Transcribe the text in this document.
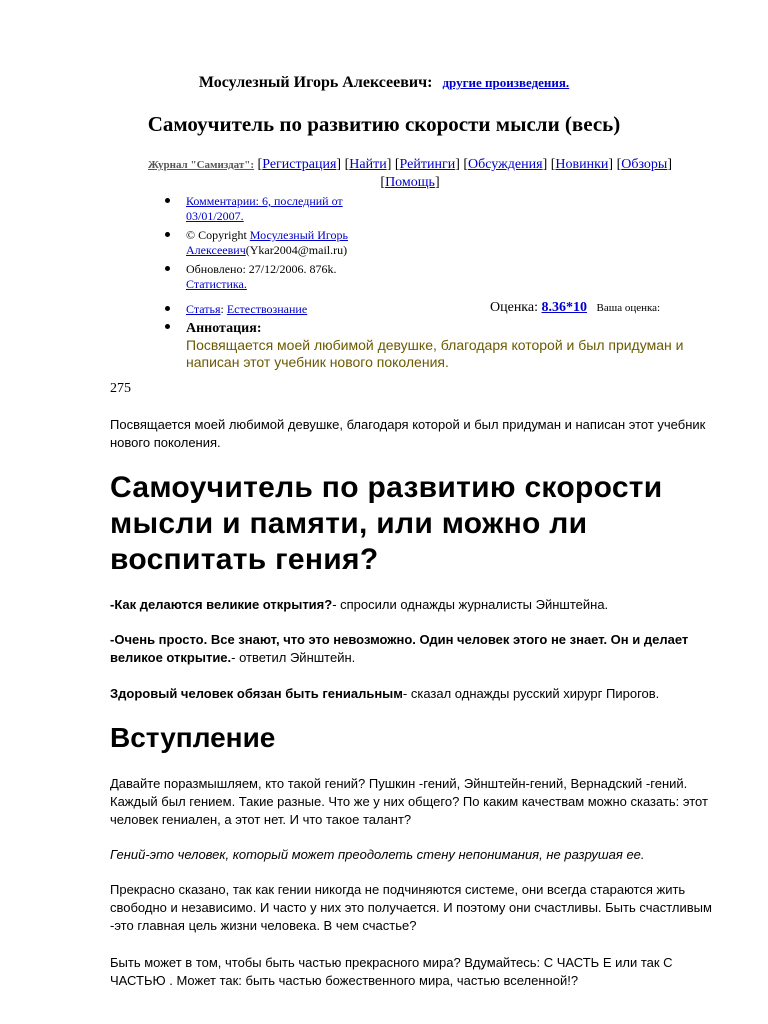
Мосулезный Игорь Алексеевич: другие произведения.
Самоучитель по развитию скорости мысли (весь)
Журнал "Самиздат": [Регистрация] [Найти] [Рейтинги] [Обсуждения] [Новинки] [Обзоры]
[Помощь]
Комментарии: 6, последний от 03/01/2007.
© Copyright Мосулезный Игорь Алексеевич(Ykar2004@mail.ru)
Обновлено: 27/12/2006. 876k.
Статистика.
Статья: Естествознание	Оценка: 8.36*10 Ваша оценка:
Аннотация:
Посвящается моей любимой девушке, благодаря которой и был придуман и написан этот учебник нового поколения.
275

Посвящается моей любимой девушке, благодаря которой и был придуман и написан этот учебник нового поколения.

Самоучитель по развитию скорости мысли и памяти, или можно ли воспитать гения?

-Как делаются великие открытия?- спросили однажды журналисты Эйнштейна.

-Очень просто. Все знают, что это невозможно. Один человек этого не знает. Он и делает великое открытие.- ответил Эйнштейн.

Здоровый человек обязан быть гениальным- сказал однажды русский хирург Пирогов.

Вступление

Давайте поразмышляем, кто такой гений? Пушкин -гений, Эйнштейн-гений, Вернадский -гений. Каждый был гением. Такие разные. Что же у них общего? По каким качествам можно сказать: этот человек гениален, а этот нет. И что такое талант?

Гений-это человек, который может преодолеть стену непонимания, не разрушая ее.

Прекрасно сказано, так как гении никогда не подчиняются системе, они всегда стараются жить свободно и независимо. И часто у них это получается. И поэтому они счастливы. Быть счастливым -это главная цель жизни человека. В чем счастье?

Быть может в том, чтобы быть частью прекрасного мира? Вдумайтесь: С ЧАСТЬ Е или так С ЧАСТЬЮ . Может так: быть частью божественного мира, частью вселенной!?
